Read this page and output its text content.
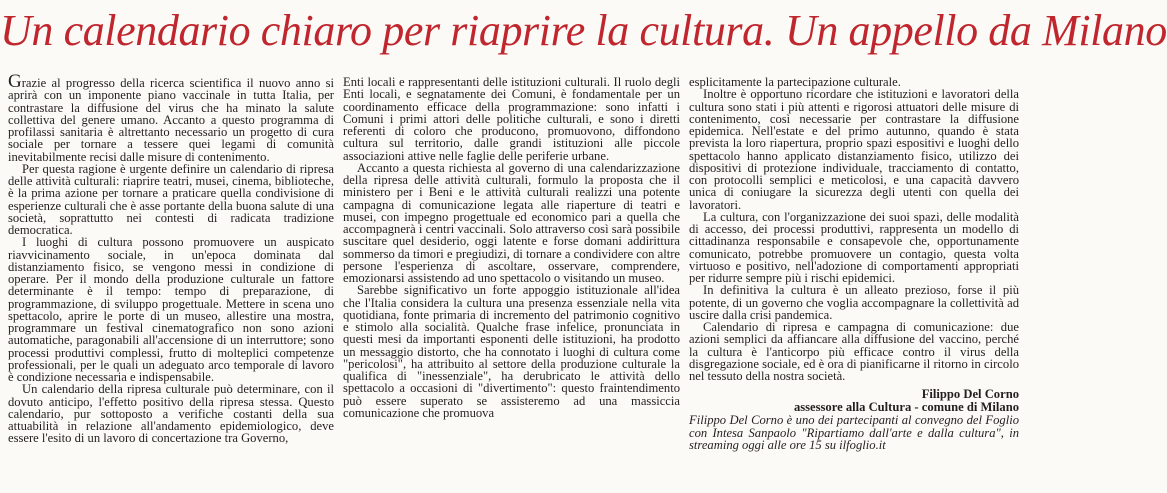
Un calendario chiaro per riaprire la cultura. Un appello da Milano

Grazie al progresso della ricerca scientifica il nuovo anno si aprirà con un imponente piano vaccinale in tutta Italia, per contrastare la diffusione del virus che ha minato la salute collettiva del genere umano. Accanto a questo programma di profilassi sanitaria è altrettanto necessario un progetto di cura sociale per tornare a tessere quei legami di comunità inevitabilmente recisi dalle misure di contenimento.

Per questa ragione è urgente definire un calendario di ripresa delle attività culturali: riaprire teatri, musei, cinema, biblioteche, è la prima azione per tornare a praticare quella condivisione di esperienze culturali che è asse portante della buona salute di una società, soprattutto nei contesti di radicata tradizione democratica.

I luoghi di cultura possono promuovere un auspicato riavvicinamento sociale, in un'epoca dominata dal distanziamento fisico, se vengono messi in condizione di operare. Per il mondo della produzione culturale un fattore determinante è il tempo: tempo di preparazione, di programmazione, di sviluppo progettuale. Mettere in scena uno spettacolo, aprire le porte di un museo, allestire una mostra, programmare un festival cinematografico non sono azioni automatiche, paragonabili all'accensione di un interruttore; sono processi produttivi complessi, frutto di molteplici competenze professionali, per le quali un adeguato arco temporale di lavoro è condizione necessaria e indispensabile.

Un calendario della ripresa culturale può determinare, con il dovuto anticipo, l'effetto positivo della ripresa stessa. Questo calendario, pur sottoposto a verifiche costanti della sua attuabilità in relazione all'andamento epidemiologico, deve essere l'esito di un lavoro di concertazione tra Governo,

Enti locali e rappresentanti delle istituzioni culturali. Il ruolo degli Enti locali, e segnatamente dei Comuni, è fondamentale per un coordinamento efficace della programmazione: sono infatti i Comuni i primi attori delle politiche culturali, e sono i diretti referenti di coloro che producono, promuovono, diffondono cultura sul territorio, dalle grandi istituzioni alle piccole associazioni attive nelle faglie delle periferie urbane.

Accanto a questa richiesta al governo di una calendarizzazione della ripresa delle attività culturali, formulo la proposta che il ministero per i Beni e le attività culturali realizzi una potente campagna di comunicazione legata alle riaperture di teatri e musei, con impegno progettuale ed economico pari a quella che accompagnerà i centri vaccinali. Solo attraverso così sarà possibile suscitare quel desiderio, oggi latente e forse domani addirittura sommerso da timori e pregiudizi, di tornare a condividere con altre persone l'esperienza di ascoltare, osservare, comprendere, emozionarsi assistendo ad uno spettacolo o visitando un museo.

Sarebbe significativo un forte appoggio istituzionale all'idea che l'Italia considera la cultura una presenza essenziale nella vita quotidiana, fonte primaria di incremento del patrimonio cognitivo e stimolo alla socialità. Qualche frase infelice, pronunciata in questi mesi da importanti esponenti delle istituzioni, ha prodotto un messaggio distorto, che ha connotato i luoghi di cultura come "pericolosi", ha attribuito al settore della produzione culturale la qualifica di "inessenziale", ha derubricato le attività dello spettacolo a occasioni di "divertimento": questo fraintendimento può essere superato se assisteremo ad una massiccia comunicazione che promuova

esplicitamente la partecipazione culturale.

Inoltre è opportuno ricordare che istituzioni e lavoratori della cultura sono stati i più attenti e rigorosi attuatori delle misure di contenimento, così necessarie per contrastare la diffusione epidemica. Nell'estate e del primo autunno, quando è stata prevista la loro riapertura, proprio spazi espositivi e luoghi dello spettacolo hanno applicato distanziamento fisico, utilizzo dei dispositivi di protezione individuale, tracciamento di contatto, con protocolli semplici e meticolosi, e una capacità davvero unica di coniugare la sicurezza degli utenti con quella dei lavoratori.

La cultura, con l'organizzazione dei suoi spazi, delle modalità di accesso, dei processi produttivi, rappresenta un modello di cittadinanza responsabile e consapevole che, opportunamente comunicato, potrebbe promuovere un contagio, questa volta virtuoso e positivo, nell'adozione di comportamenti appropriati per ridurre sempre più i rischi epidemici.

In definitiva la cultura è un alleato prezioso, forse il più potente, di un governo che voglia accompagnare la collettività ad uscire dalla crisi pandemica.

Calendario di ripresa e campagna di comunicazione: due azioni semplici da affiancare alla diffusione del vaccino, perché la cultura è l'anticorpo più efficace contro il virus della disgregazione sociale, ed è ora di pianificarne il ritorno in circolo nel tessuto della nostra società.

Filippo Del Corno
assessore alla Cultura - comune di Milano
Filippo Del Corno è uno dei partecipanti al convegno del Foglio con Intesa Sanpaolo "Ripartiamo dall'arte e dalla cultura", in streaming oggi alle ore 15 su ilfoglio.it
